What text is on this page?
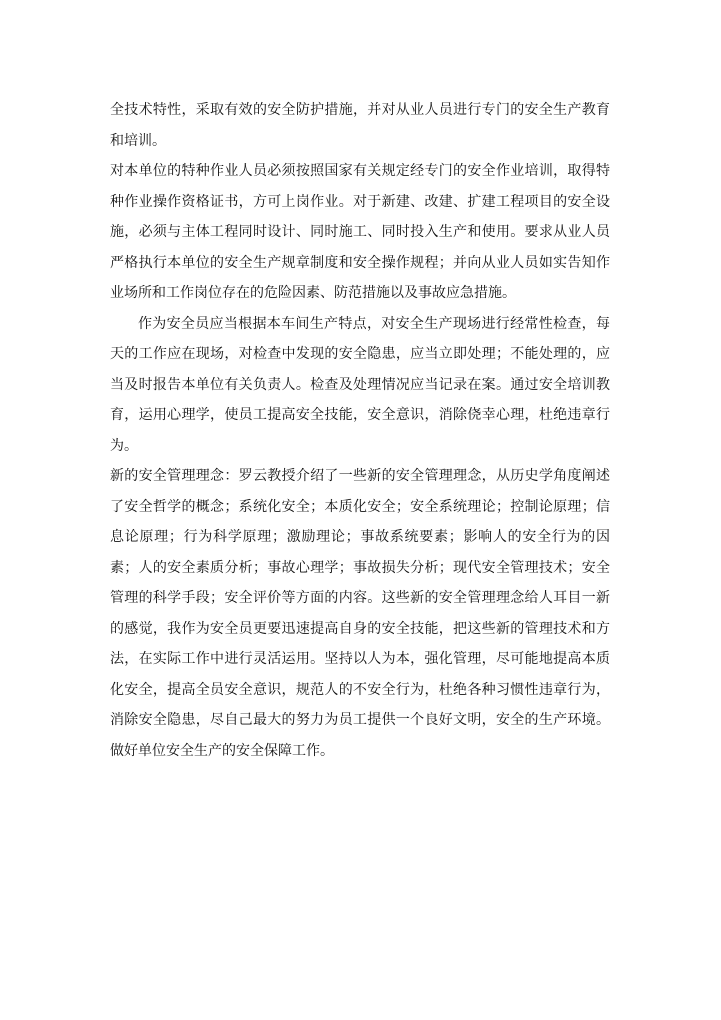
全技术特性，采取有效的安全防护措施，并对从业人员进行专门的安全生产教育和培训。

对本单位的特种作业人员必须按照国家有关规定经专门的安全作业培训，取得特种作业操作资格证书，方可上岗作业。对于新建、改建、扩建工程项目的安全设施，必须与主体工程同时设计、同时施工、同时投入生产和使用。要求从业人员严格执行本单位的安全生产规章制度和安全操作规程；并向从业人员如实告知作业场所和工作岗位存在的危险因素、防范措施以及事故应急措施。

作为安全员应当根据本车间生产特点，对安全生产现场进行经常性检查，每天的工作应在现场，对检查中发现的安全隐患，应当立即处理；不能处理的，应当及时报告本单位有关负责人。检查及处理情况应当记录在案。通过安全培训教育，运用心理学，使员工提高安全技能，安全意识，消除侥幸心理，杜绝违章行为。

新的安全管理理念：罗云教授介绍了一些新的安全管理理念，从历史学角度阐述了安全哲学的概念；系统化安全；本质化安全；安全系统理论；控制论原理；信息论原理；行为科学原理；激励理论；事故系统要素；影响人的安全行为的因素；人的安全素质分析；事故心理学；事故损失分析；现代安全管理技术；安全管理的科学手段；安全评价等方面的内容。这些新的安全管理理念给人耳目一新的感觉，我作为安全员更要迅速提高自身的安全技能，把这些新的管理技术和方法，在实际工作中进行灵活运用。坚持以人为本，强化管理，尽可能地提高本质化安全，提高全员安全意识，规范人的不安全行为，杜绝各种习惯性违章行为，消除安全隐患，尽自己最大的努力为员工提供一个良好文明，安全的生产环境。做好单位安全生产的安全保障工作。
